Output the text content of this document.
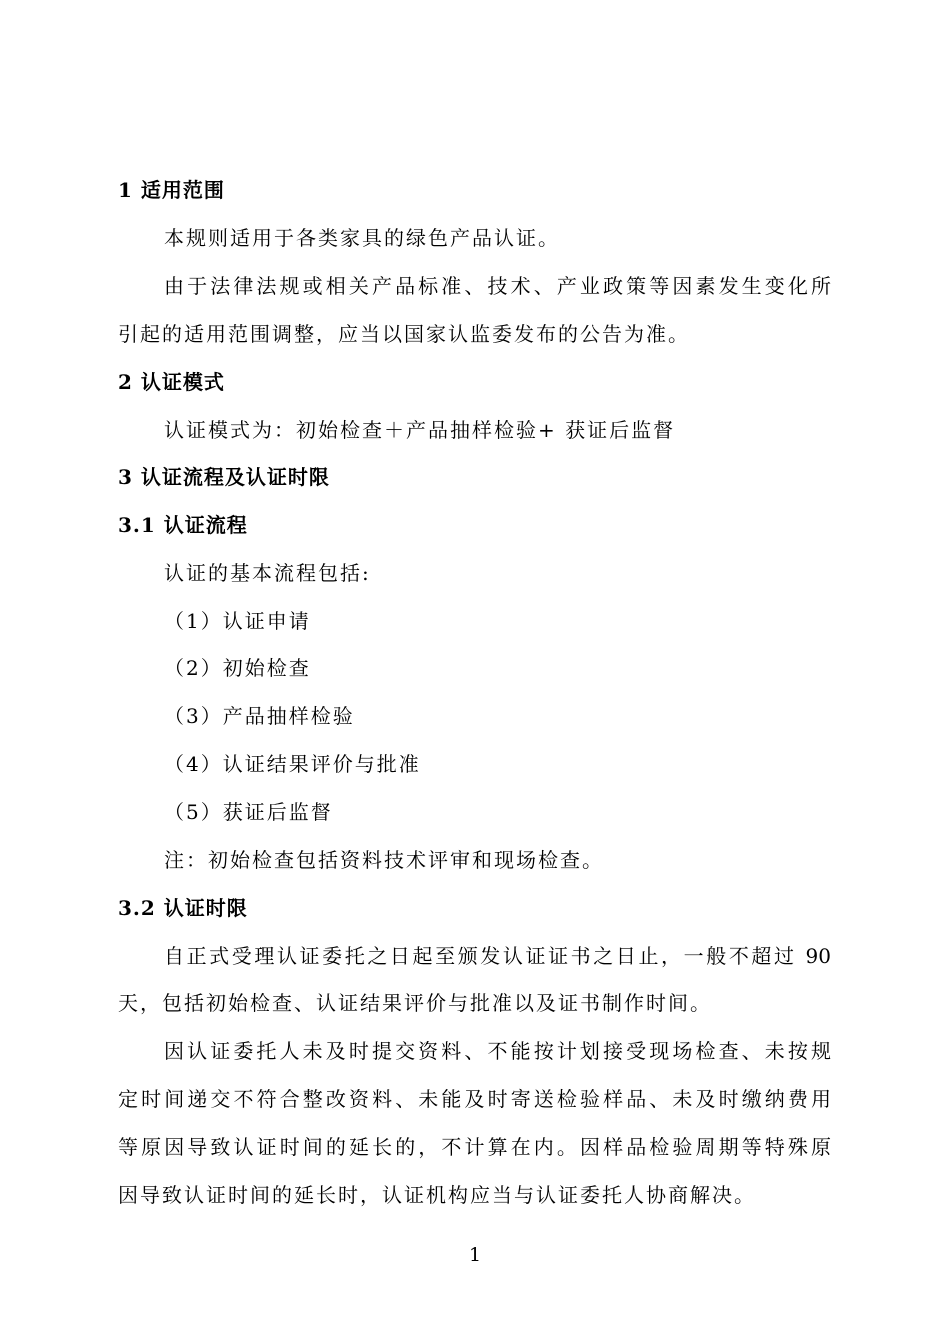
1 适用范围
本规则适用于各类家具的绿色产品认证。
由于法律法规或相关产品标准、技术、产业政策等因素发生变化所
引起的适用范围调整，应当以国家认监委发布的公告为准。
2 认证模式
认证模式为：初始检查＋产品抽样检验+ 获证后监督
3 认证流程及认证时限
3.1 认证流程
认证的基本流程包括:
（1）认证申请
（2）初始检查
（3）产品抽样检验
（4）认证结果评价与批准
（5）获证后监督
注：初始检查包括资料技术评审和现场检查。
3.2 认证时限
自正式受理认证委托之日起至颁发认证证书之日止，一般不超过 90
天，包括初始检查、认证结果评价与批准以及证书制作时间。
因认证委托人未及时提交资料、不能按计划接受现场检查、未按规
定时间递交不符合整改资料、未能及时寄送检验样品、未及时缴纳费用
等原因导致认证时间的延长的，不计算在内。因样品检验周期等特殊原
因导致认证时间的延长时，认证机构应当与认证委托人协商解决。
1
